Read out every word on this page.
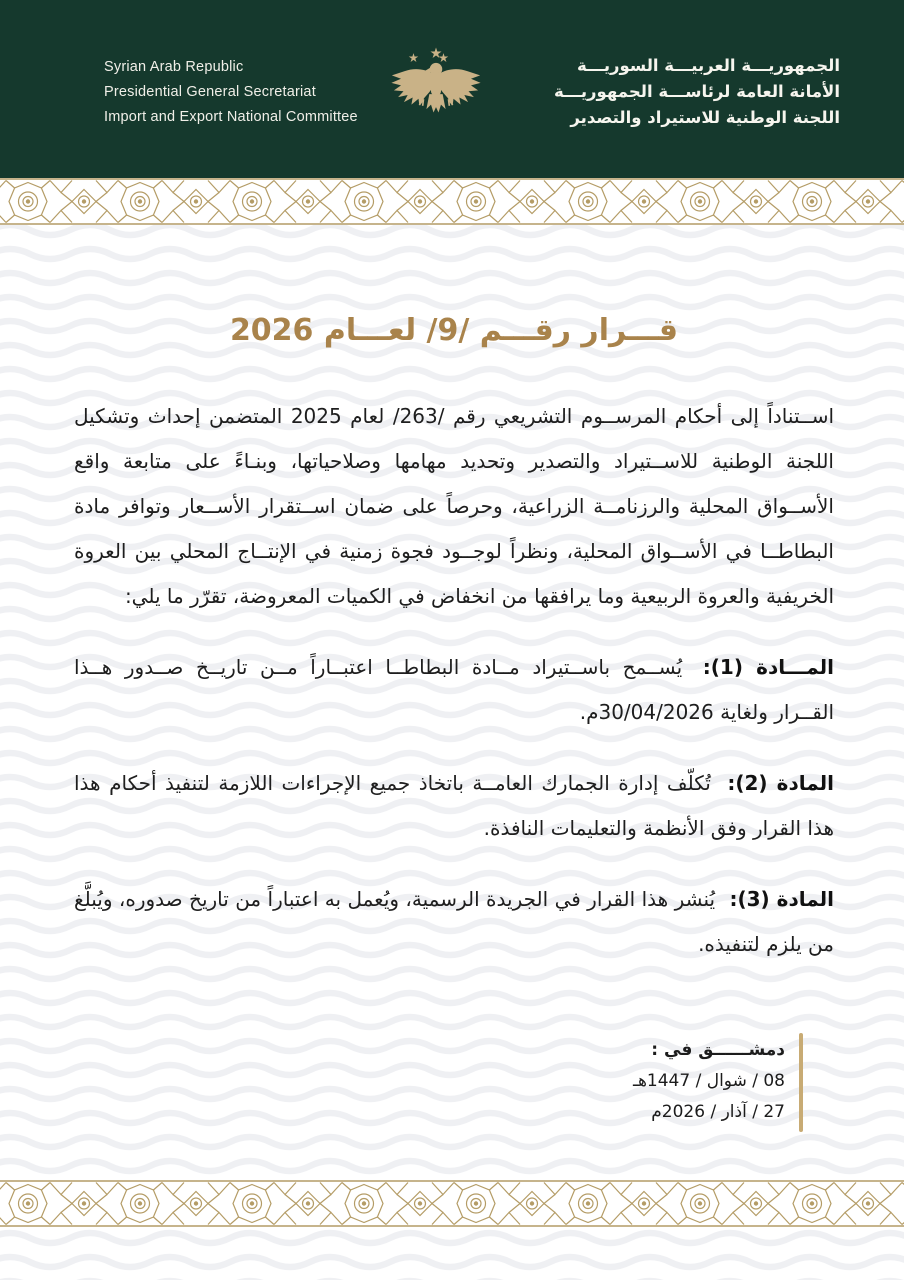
Syrian Arab Republic
Presidential General Secretariat
Import and Export National Committee
الجمهوريـــة العربيـــة السوريـــة
الأمانة العامة لرئاســـة الجمهوريـــة
اللجنة الوطنية للاستيراد والتصدير
قـــرار رقـــم /9/ لعـــام 2026

اســتناداً إلى أحكام المرســوم التشريعي رقم /263/ لعام 2025 المتضمن إحداث وتشكيل اللجنة الوطنية للاســتيراد والتصدير وتحديد مهامها وصلاحياتها، وبنـاءً على متابعة واقع الأســواق المحلية والرزنامــة الزراعية، وحرصاً على ضمان اســتقرار الأســعار وتوافر مادة البطاطــا في الأســواق المحلية، ونظراً لوجــود فجوة زمنية في الإنتــاج المحلي بين العروة الخريفية والعروة الربيعية وما يرافقها من انخفاض في الكميات المعروضة، تقرّر ما يلي:

المـــادة (1): يُســمح باســتيراد مــادة البطاطــا اعتبــاراً مــن تاريــخ صــدور هــذا القــرار ولغاية 30/04/2026م.

المادة (2): تُكلّف إدارة الجمارك العامــة باتخاذ جميع الإجراءات اللازمة لتنفيذ أحكام هذا هذا القرار وفق الأنظمة والتعليمات النافذة.

المادة (3): يُنشر هذا القرار في الجريدة الرسمية، ويُعمل به اعتباراً من تاريخ صدوره، ويُبلَّغ من يلزم لتنفيذه.

دمشــــــق في :
08 / شوال / 1447هـ
27 / آذار / 2026م
